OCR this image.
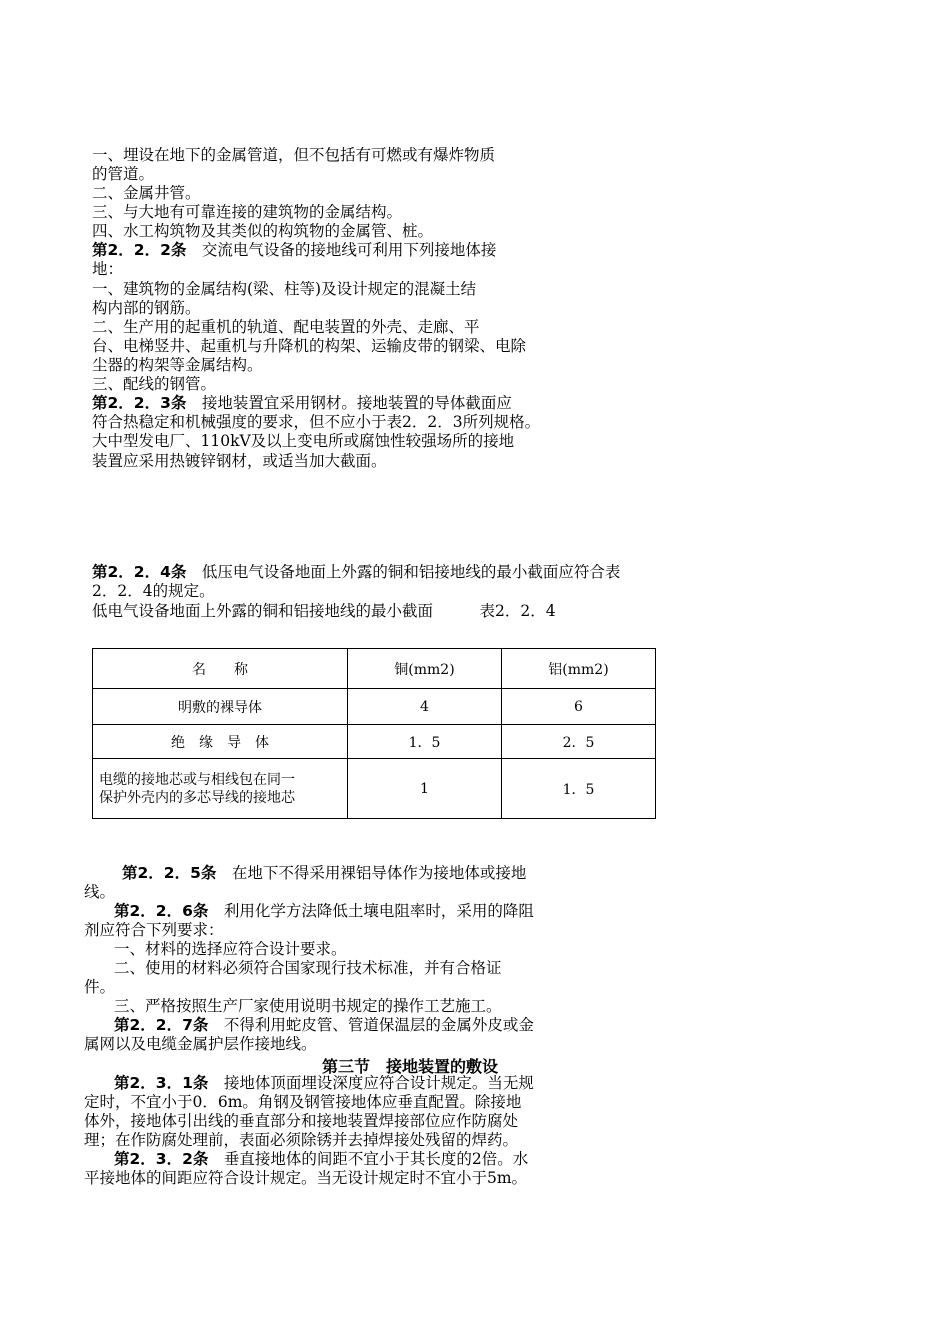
一、埋设在地下的金属管道，但不包括有可燃或有爆炸物质
的管道。
二、金属井管。
三、与大地有可靠连接的建筑物的金属结构。
四、水工构筑物及其类似的构筑物的金属管、桩。
第2．2．2条　交流电气设备的接地线可利用下列接地体接
地：
一、建筑物的金属结构(梁、柱等)及设计规定的混凝土结
构内部的钢筋。
二、生产用的起重机的轨道、配电装置的外壳、走廊、平
台、电梯竖井、起重机与升降机的构架、运输皮带的钢梁、电除
尘器的构架等金属结构。
三、配线的钢管。
第2．2．3条　接地装置宜采用钢材。接地装置的导体截面应
符合热稳定和机械强度的要求，但不应小于表2．2．3所列规格。
大中型发电厂、110kV及以上变电所或腐蚀性较强场所的接地
装置应采用热镀锌钢材，或适当加大截面。
第2．2．4条　低压电气设备地面上外露的铜和铝接地线的最小截面应符合表
2．2．4的规定。
低电气设备地面上外露的铜和铝接地线的最小截面　　　表2．2．4
名　　称	铜(mm2)	铝(mm2)
明敷的裸导体	4	6
绝　缘　导　体	1．5	2．5

电缆的接地芯或与相线包在同一
保护外壳内的多芯导线的接地芯	1	1．5
第2．2．5条　在地下不得采用裸铝导体作为接地体或接地
线。
第2．2．6条　利用化学方法降低土壤电阻率时，采用的降阻
剂应符合下列要求：
一、材料的选择应符合设计要求。
二、使用的材料必须符合国家现行技术标准，并有合格证
件。
三、严格按照生产厂家使用说明书规定的操作工艺施工。
第2．2．7条　不得利用蛇皮管、管道保温层的金属外皮或金
属网以及电缆金属护层作接地线。
第三节　接地装置的敷设
第2．3．1条　接地体顶面埋设深度应符合设计规定。当无规
定时，不宜小于0．6m。角钢及钢管接地体应垂直配置。除接地
体外，接地体引出线的垂直部分和接地装置焊接部位应作防腐处
理；在作防腐处理前，表面必须除锈并去掉焊接处残留的焊药。
第2．3．2条　垂直接地体的间距不宜小于其长度的2倍。水
平接地体的间距应符合设计规定。当无设计规定时不宜小于5m。
